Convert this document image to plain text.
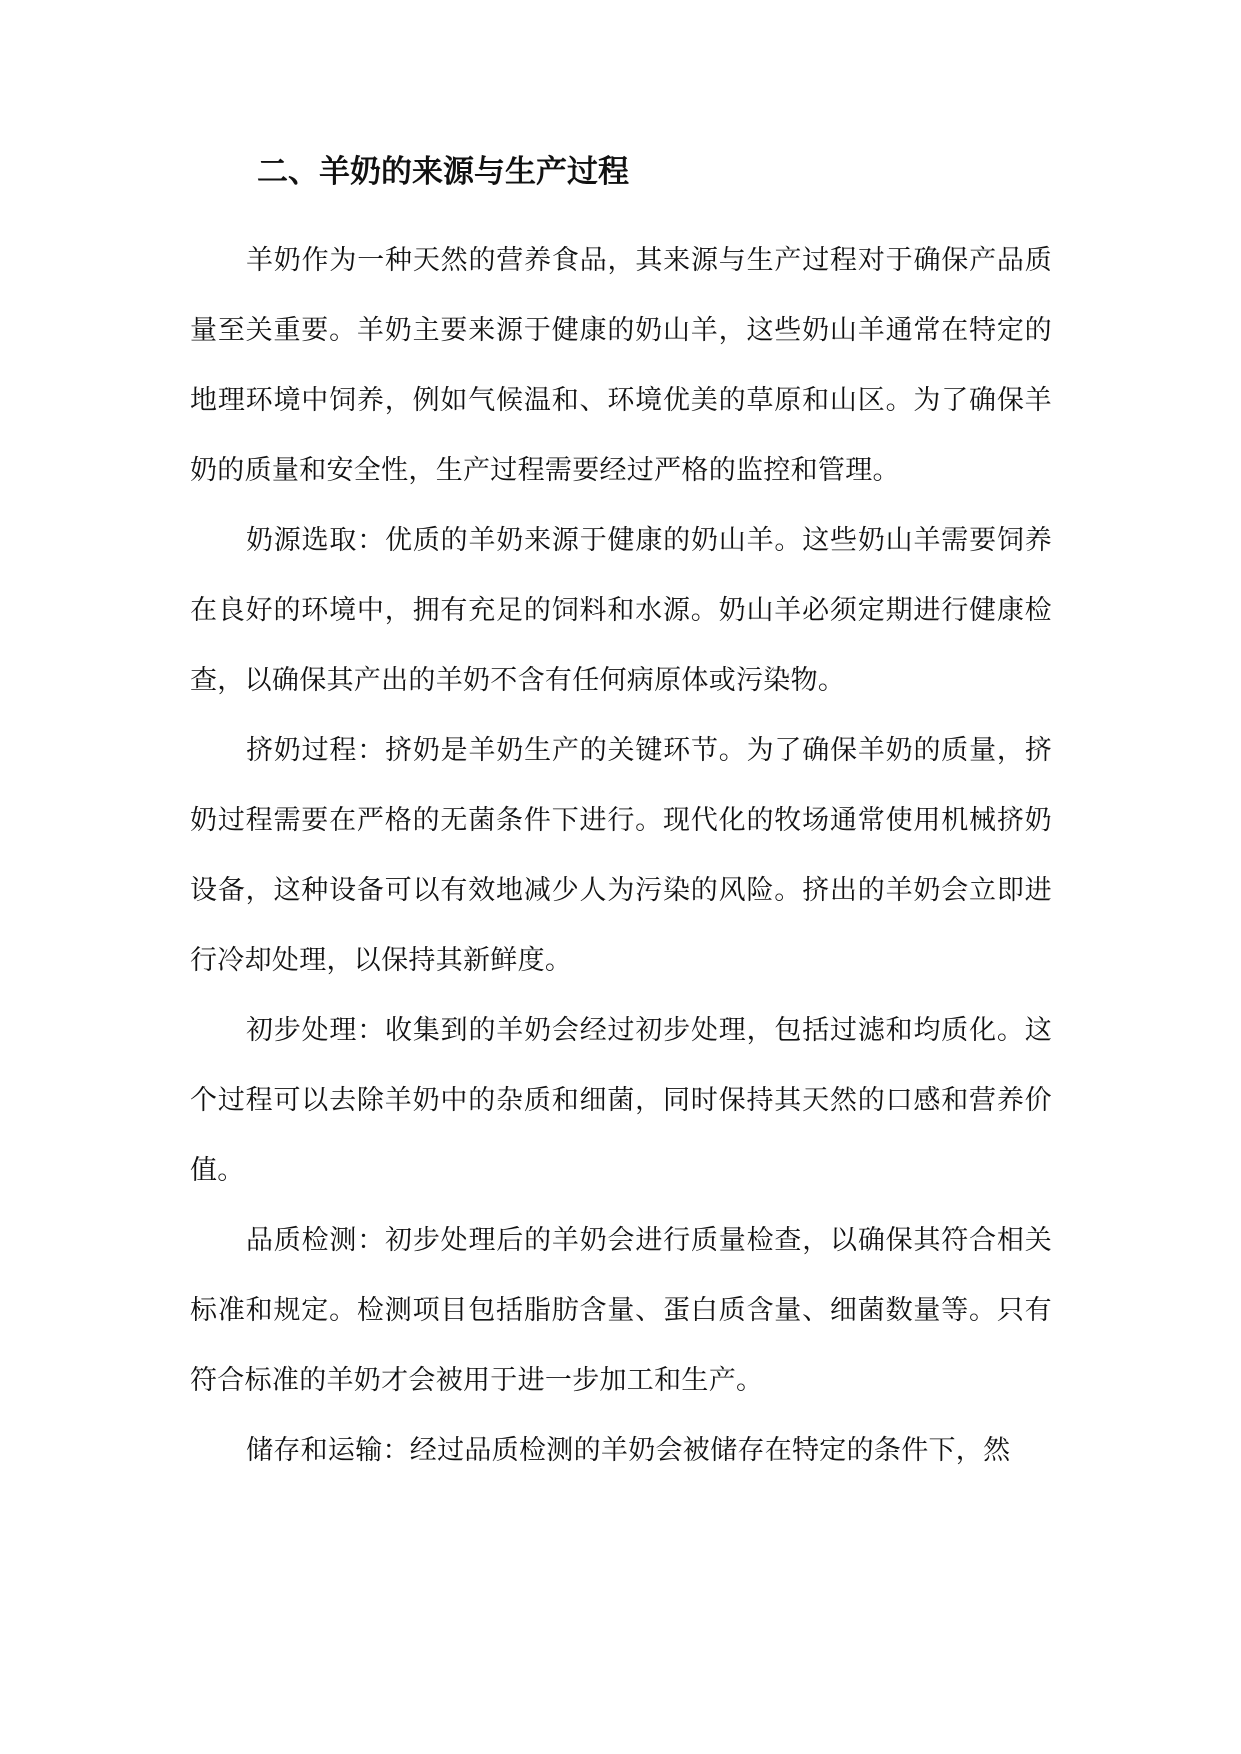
二、羊奶的来源与生产过程

羊奶作为一种天然的营养食品，其来源与生产过程对于确保产品质量至关重要。羊奶主要来源于健康的奶山羊，这些奶山羊通常在特定的地理环境中饲养，例如气候温和、环境优美的草原和山区。为了确保羊奶的质量和安全性，生产过程需要经过严格的监控和管理。

奶源选取：优质的羊奶来源于健康的奶山羊。这些奶山羊需要饲养在良好的环境中，拥有充足的饲料和水源。奶山羊必须定期进行健康检查，以确保其产出的羊奶不含有任何病原体或污染物。

挤奶过程：挤奶是羊奶生产的关键环节。为了确保羊奶的质量，挤奶过程需要在严格的无菌条件下进行。现代化的牧场通常使用机械挤奶设备，这种设备可以有效地减少人为污染的风险。挤出的羊奶会立即进行冷却处理，以保持其新鲜度。

初步处理：收集到的羊奶会经过初步处理，包括过滤和均质化。这个过程可以去除羊奶中的杂质和细菌，同时保持其天然的口感和营养价值。

品质检测：初步处理后的羊奶会进行质量检查，以确保其符合相关标准和规定。检测项目包括脂肪含量、蛋白质含量、细菌数量等。只有符合标准的羊奶才会被用于进一步加工和生产。

储存和运输：经过品质检测的羊奶会被储存在特定的条件下，然
